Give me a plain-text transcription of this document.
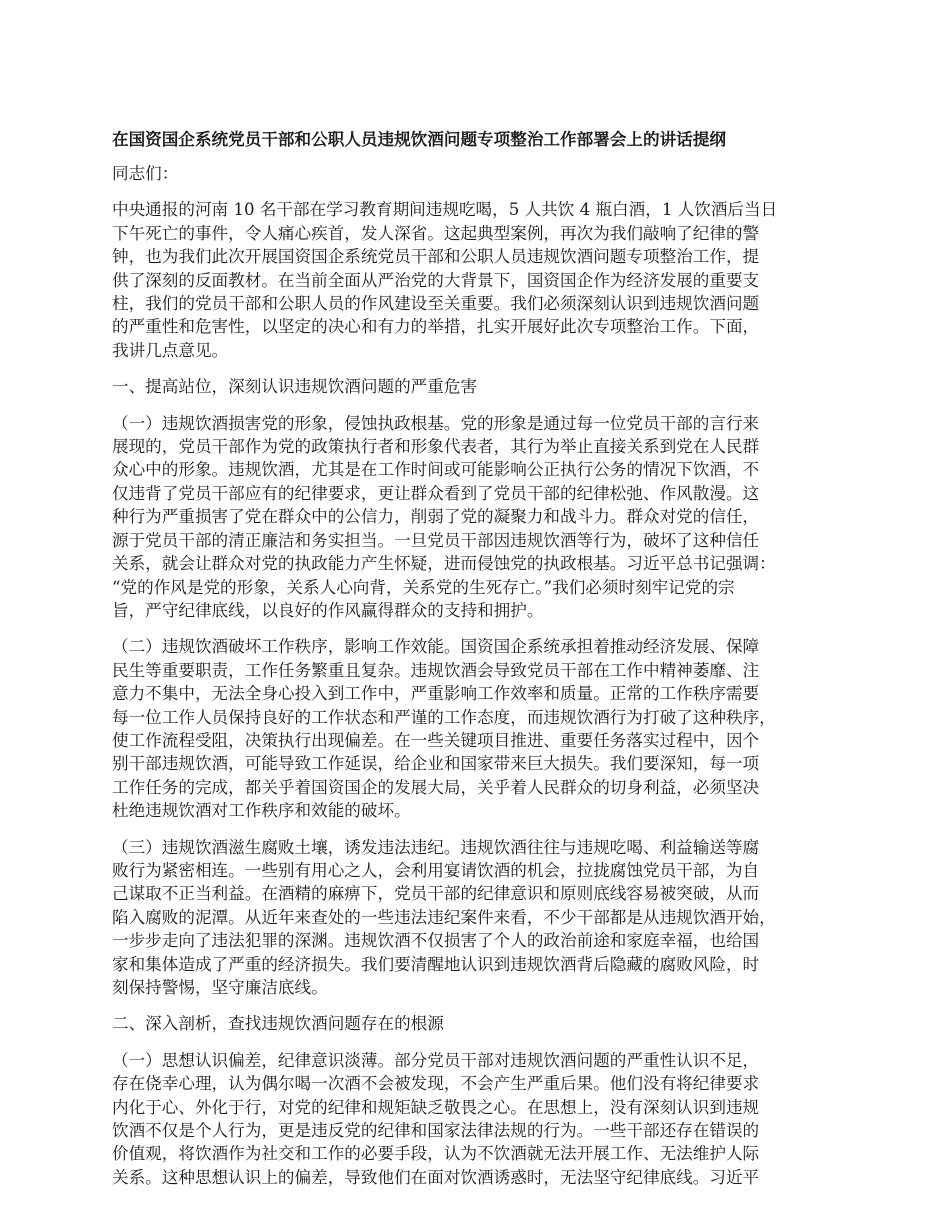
在国资国企系统党员干部和公职人员违规饮酒问题专项整治工作部署会上的讲话提纲
同志们：
中央通报的河南 10 名干部在学习教育期间违规吃喝，5 人共饮 4 瓶白酒，1 人饮酒后当日
下午死亡的事件，令人痛心疾首，发人深省。这起典型案例，再次为我们敲响了纪律的警
钟，也为我们此次开展国资国企系统党员干部和公职人员违规饮酒问题专项整治工作，提
供了深刻的反面教材。在当前全面从严治党的大背景下，国资国企作为经济发展的重要支
柱，我们的党员干部和公职人员的作风建设至关重要。我们必须深刻认识到违规饮酒问题
的严重性和危害性，以坚定的决心和有力的举措，扎实开展好此次专项整治工作。下面，
我讲几点意见。
一、提高站位，深刻认识违规饮酒问题的严重危害
（一）违规饮酒损害党的形象，侵蚀执政根基。党的形象是通过每一位党员干部的言行来
展现的，党员干部作为党的政策执行者和形象代表者，其行为举止直接关系到党在人民群
众心中的形象。违规饮酒，尤其是在工作时间或可能影响公正执行公务的情况下饮酒，不
仅违背了党员干部应有的纪律要求，更让群众看到了党员干部的纪律松弛、作风散漫。这
种行为严重损害了党在群众中的公信力，削弱了党的凝聚力和战斗力。群众对党的信任，
源于党员干部的清正廉洁和务实担当。一旦党员干部因违规饮酒等行为，破坏了这种信任
关系，就会让群众对党的执政能力产生怀疑，进而侵蚀党的执政根基。习近平总书记强调：
“党的作风是党的形象，关系人心向背，关系党的生死存亡。”我们必须时刻牢记党的宗
旨，严守纪律底线，以良好的作风赢得群众的支持和拥护。
（二）违规饮酒破坏工作秩序，影响工作效能。国资国企系统承担着推动经济发展、保障
民生等重要职责，工作任务繁重且复杂。违规饮酒会导致党员干部在工作中精神萎靡、注
意力不集中，无法全身心投入到工作中，严重影响工作效率和质量。正常的工作秩序需要
每一位工作人员保持良好的工作状态和严谨的工作态度，而违规饮酒行为打破了这种秩序，
使工作流程受阻，决策执行出现偏差。在一些关键项目推进、重要任务落实过程中，因个
别干部违规饮酒，可能导致工作延误，给企业和国家带来巨大损失。我们要深知，每一项
工作任务的完成，都关乎着国资国企的发展大局，关乎着人民群众的切身利益，必须坚决
杜绝违规饮酒对工作秩序和效能的破坏。
（三）违规饮酒滋生腐败土壤，诱发违法违纪。违规饮酒往往与违规吃喝、利益输送等腐
败行为紧密相连。一些别有用心之人，会利用宴请饮酒的机会，拉拢腐蚀党员干部，为自
己谋取不正当利益。在酒精的麻痹下，党员干部的纪律意识和原则底线容易被突破，从而
陷入腐败的泥潭。从近年来查处的一些违法违纪案件来看，不少干部都是从违规饮酒开始，
一步步走向了违法犯罪的深渊。违规饮酒不仅损害了个人的政治前途和家庭幸福，也给国
家和集体造成了严重的经济损失。我们要清醒地认识到违规饮酒背后隐藏的腐败风险，时
刻保持警惕，坚守廉洁底线。
二、深入剖析，查找违规饮酒问题存在的根源
（一）思想认识偏差，纪律意识淡薄。部分党员干部对违规饮酒问题的严重性认识不足，
存在侥幸心理，认为偶尔喝一次酒不会被发现，不会产生严重后果。他们没有将纪律要求
内化于心、外化于行，对党的纪律和规矩缺乏敬畏之心。在思想上，没有深刻认识到违规
饮酒不仅是个人行为，更是违反党的纪律和国家法律法规的行为。一些干部还存在错误的
价值观，将饮酒作为社交和工作的必要手段，认为不饮酒就无法开展工作、无法维护人际
关系。这种思想认识上的偏差，导致他们在面对饮酒诱惑时，无法坚守纪律底线。习近平
